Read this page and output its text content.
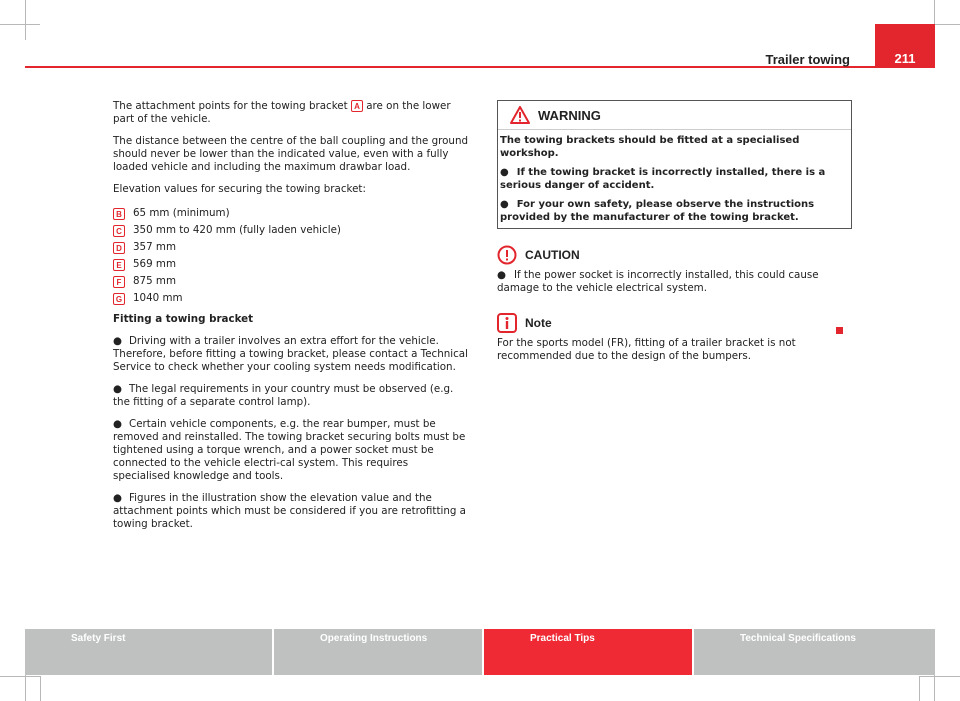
Trailer towing	211

The attachment points for the towing bracket A are on the lower part of the vehicle.

The distance between the centre of the ball coupling and the ground should never be lower than the indicated value, even with a fully loaded vehicle and including the maximum drawbar load.

Elevation values for securing the towing bracket:

B	65 mm (minimum)
C	350 mm to 420 mm (fully laden vehicle)
D	357 mm
E	569 mm
F	875 mm
G 1040 mm

Fitting a towing bracket

● Driving with a trailer involves an extra effort for the vehicle. Therefore, before fitting a towing bracket, please contact a Technical Service to check whether your cooling system needs modification.

● The legal requirements in your country must be observed (e.g. the fitting of a separate control lamp).

● Certain vehicle components, e.g. the rear bumper, must be removed and reinstalled. The towing bracket securing bolts must be tightened using a torque wrench, and a power socket must be connected to the vehicle electri-cal system. This requires specialised knowledge and tools.

● Figures in the illustration show the elevation value and the attachment points which must be considered if you are retrofitting a towing bracket.

WARNING

The towing brackets should be fitted at a specialised workshop.

● If the towing bracket is incorrectly installed, there is a serious danger of accident.

● For your own safety, please observe the instructions provided by the manufacturer of the towing bracket.

CAUTION

● If the power socket is incorrectly installed, this could cause damage to the vehicle electrical system.

Note

For the sports model (FR), fitting of a trailer bracket is not recommended due to the design of the bumpers.

Safety First	Operating Instructions	Practical Tips	Technical Specifications
